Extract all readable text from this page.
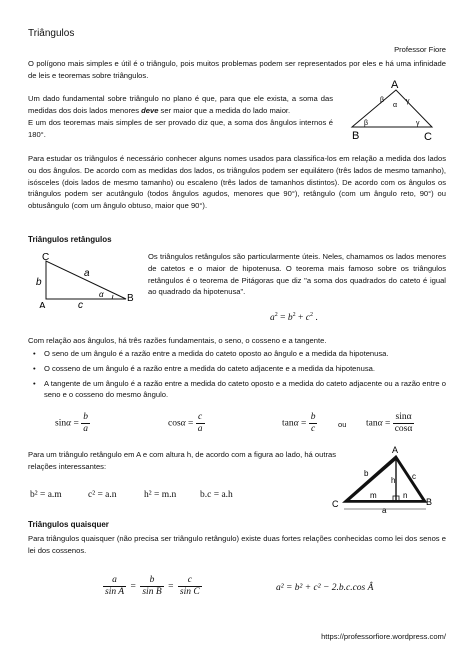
Triângulos
Professor Fiore
O polígono mais simples e útil é o triângulo, pois muitos problemas podem ser representados por eles e há uma infinidade de leis e teoremas sobre triângulos.
Um dado fundamental sobre triângulo no plano é que, para que ele exista, a soma das medidas dos dois lados menores deve ser maior que a medida do lado maior.
E um dos teoremas mais simples de ser provado diz que, a soma dos ângulos internos é 180°.
A
B	C
β	γ
α
β	γ
Para estudar os triângulos é necessário conhecer alguns nomes usados para classifica-los em relação a medida dos lados ou dos ângulos. De acordo com as medidas dos lados, os triângulos podem ser equilátero (três lados de mesmo tamanho), isósceles (dois lados de mesmo tamanho) ou escaleno (três lados de tamanhos distintos). De acordo com os ângulos os triângulos podem ser acutângulo (todos ângulos agudos, menores que 90°), retângulo (com um ângulo reto, 90°) ou obtusângulo (com um ângulo obtuso, maior que 90°).
Triângulos retângulos
C
A
B
a
b
c
α
Os triângulos retângulos são particularmente úteis. Neles, chamamos os lados menores de catetos e o maior de hipotenusa. O teorema mais famoso sobre os triângulos retângulos é o teorema de Pitágoras que diz "a soma dos quadrados do cateto é igual ao quadrado da hipotenusa".
$a^2 = b^2 + c^2$ .
Com relação aos ângulos, há três razões fundamentais, o seno, o cosseno e a tangente.
• O seno de um ângulo é a razão entre a medida do cateto oposto ao ângulo e a medida da hipotenusa.
• O cosseno de um ângulo é a razão entre a medida do cateto adjacente e a medida da hipotenusa.
• A tangente de um ângulo é a razão entre a medida do cateto oposto e a medida do cateto adjacente ou a razão entre o seno e o cosseno do mesmo ângulo.
$\sin\alpha = \frac{b}{a}$	$\cos\alpha = \frac{c}{a}$	$\tan\alpha = \frac{b}{c}$	ou $\tan\alpha = \frac{\sin\alpha}{\cos\alpha}$
Para um triângulo retângulo em A e com altura h, de acordo com a figura ao lado, há outras relações interessantes:
b² = a.m	c² = a.n	h² = m.n	b.c = a.h
A
C	B
b	c
h
m	n
a
Triângulos quaisquer
Para triângulos quaisquer (não precisa ser triângulo retângulo) existe duas fortes relações conhecidas como lei dos senos e lei dos cossenos.
$\frac{a}{\text{sin A}} = \frac{b}{\text{sin B}} = \frac{c}{\text{sin C}}$	a² = b² + c² − 2.b.c.cos Â
https://professorfiore.wordpress.com/
